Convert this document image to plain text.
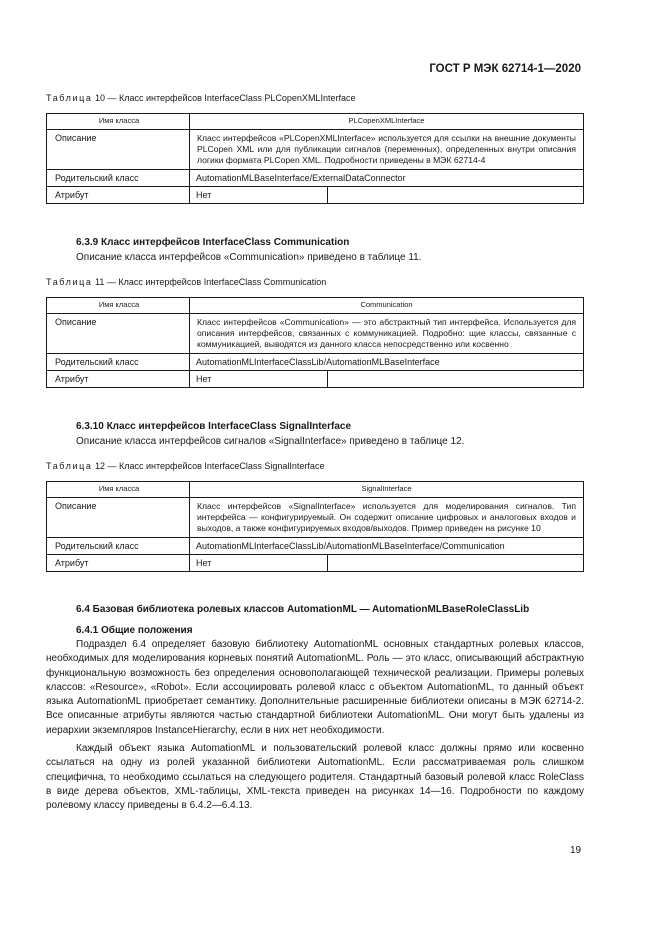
ГОСТ Р МЭК 62714-1—2020
Таблица 10 — Класс интерфейсов InterfaceClass PLCopenXMLInterface
Имя класса	PLCopenXMLInterface	
Описание	Класс интерфейсов «PLCopenXMLInterface» используется для ссылки на внешние документы PLCopen XML или для публикации сигналов (переменных), определенных внутри описания логики формата PLCopen XML. Подробности приведены в МЭК 62714-4	
Родительский класс	AutomationMLBaseInterface/ExternalDataConnector	
Атрибут	Нет	
6.3.9 Класс интерфейсов InterfaceClass Communication
Описание класса интерфейсов «Communication» приведено в таблице 11.
Таблица 11 — Класс интерфейсов InterfaceClass Communication
Имя класса	Communication	
Описание	Класс интерфейсов «Communication» — это абстрактный тип интерфейса. Используется для описания интерфейсов, связанных с коммуникацией. Подробно: щие классы, связанные с коммуникацией, выводятся из данного класса непосредственно или косвенно	
Родительский класс	AutomationMLInterfaceClassLib/AutomationMLBaseInterface	
Атрибут	Нет	
6.3.10 Класс интерфейсов InterfaceClass SignalInterface
Описание класса интерфейсов сигналов «SignalInterface» приведено в таблице 12.
Таблица 12 — Класс интерфейсов InterfaceClass SignalInterface
Имя класса	SignalInterface	
Описание	Класс интерфейсов «SignalInterface» используется для моделирования сигналов. Тип интерфейса — конфигурируемый. Он содержит описание цифровых и аналоговых входов и выходов, а также конфигурируемых входов/выходов. Пример приведен на рисунке 10	
Родительский класс	AutomationMLInterfaceClassLib/AutomationMLBaseInterface/Communication	
Атрибут	Нет	
6.4 Базовая библиотека ролевых классов AutomationML — AutomationMLBaseRoleClassLib
6.4.1 Общие положения

Подраздел 6.4 определяет базовую библиотеку AutomationML основных стандартных ролевых классов, необходимых для моделирования корневых понятий AutomationML. Роль — это класс, описывающий абстрактную функциональную возможность без определения основополагающей технической реализации. Примеры ролевых классов: «Resource», «Robot». Если ассоциировать ролевой класс с объектом AutomationML, то данный объект языка AutomationML приобретает семантику. Дополнительные расширенные библиотеки описаны в МЭК 62714-2. Все описанные атрибуты являются частью стандартной библиотеки AutomationML. Они могут быть удалены из иерархии экземпляров InstanceHierarchy, если в них нет необходимости.

Каждый объект языка AutomationML и пользовательский ролевой класс должны прямо или косвенно ссылаться на одну из ролей указанной библиотеки AutomationML. Если рассматриваемая роль слишком специфична, то необходимо ссылаться на следующего родителя. Стандартный базовый ролевой класс RoleClass в виде дерева объектов, XML-таблицы, XML-текста приведен на рисунках 14—16. Подробности по каждому ролевому классу приведены в 6.4.2—6.4.13.

19
